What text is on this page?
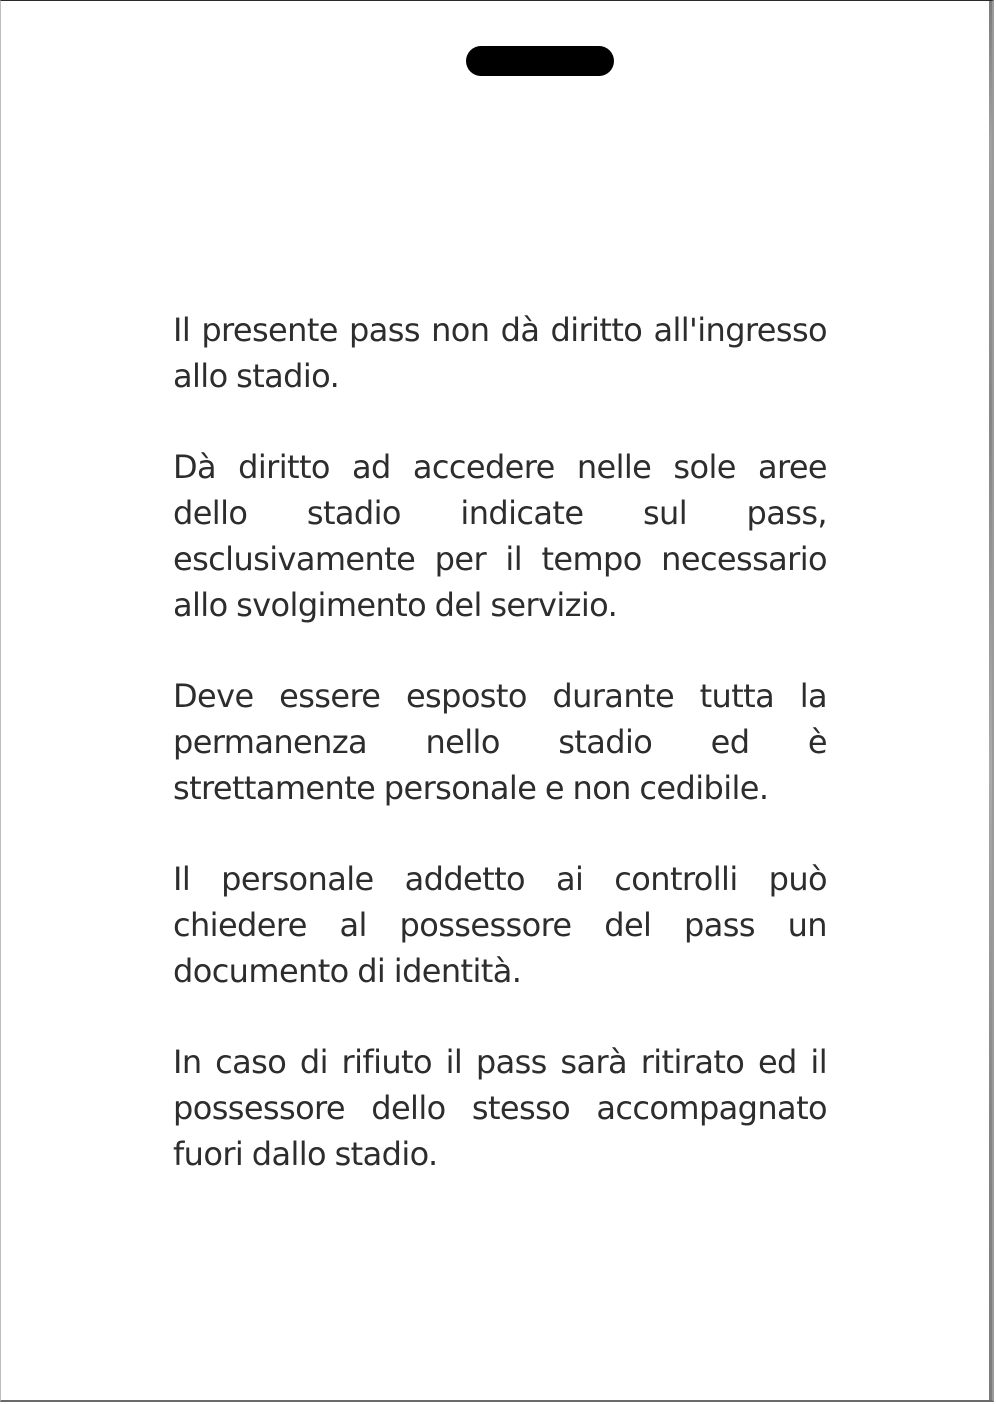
Il presente pass non dà diritto all'ingresso allo stadio.

Dà diritto ad accedere nelle sole aree dello stadio indicate sul pass, esclusivamente per il tempo necessario allo svolgimento del servizio.

Deve essere esposto durante tutta la permanenza nello stadio ed è strettamente personale e non cedibile.

Il personale addetto ai controlli può chiedere al possessore del pass un documento di identità.

In caso di rifiuto il pass sarà ritirato ed il possessore dello stesso accompagnato fuori dallo stadio.
